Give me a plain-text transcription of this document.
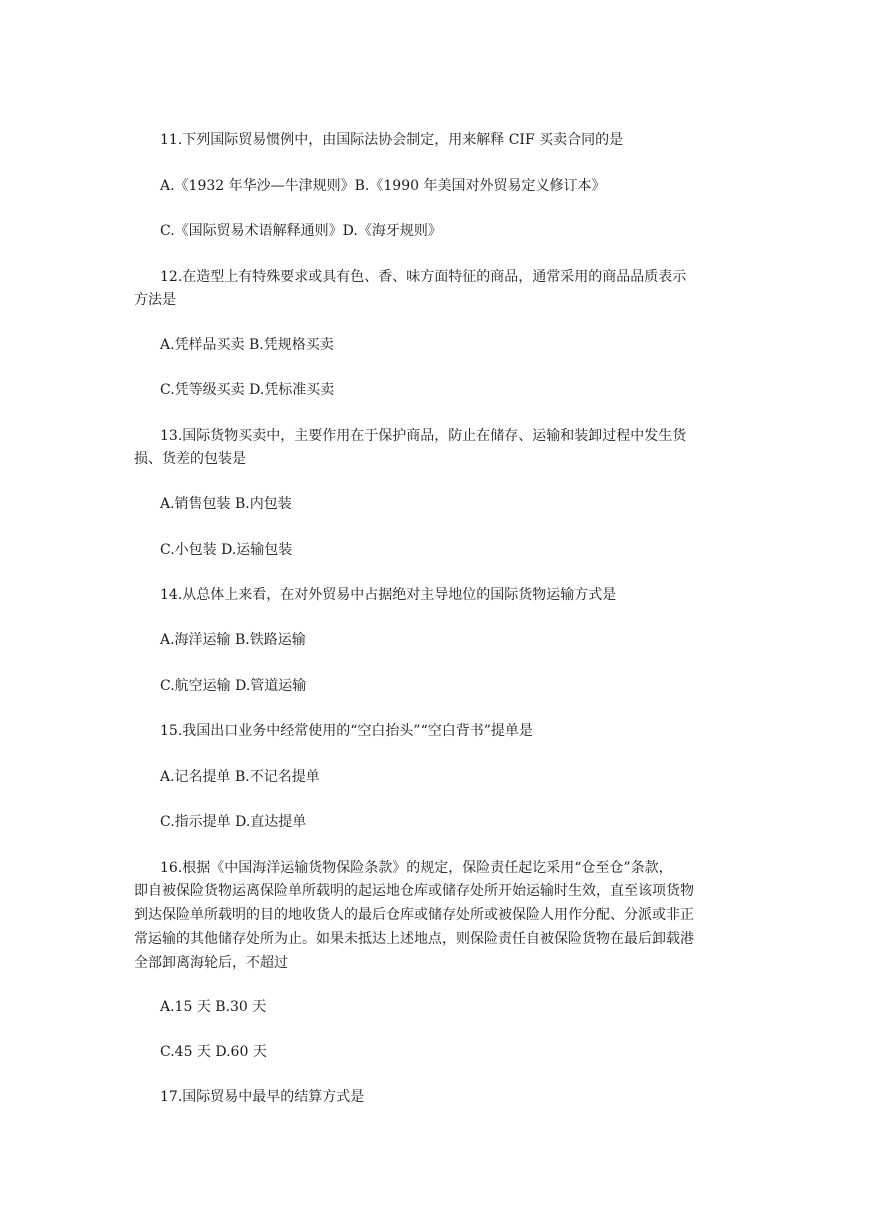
11.下列国际贸易惯例中，由国际法协会制定，用来解释 CIF 买卖合同的是
A.《1932 年华沙—牛津规则》B.《1990 年美国对外贸易定义修订本》
C.《国际贸易术语解释通则》D.《海牙规则》
12.在造型上有特殊要求或具有色、香、味方面特征的商品，通常采用的商品品质表示
方法是
A.凭样品买卖 B.凭规格买卖
C.凭等级买卖 D.凭标准买卖
13.国际货物买卖中，主要作用在于保护商品，防止在储存、运输和装卸过程中发生货
损、货差的包装是
A.销售包装 B.内包装
C.小包装 D.运输包装
14.从总体上来看，在对外贸易中占据绝对主导地位的国际货物运输方式是
A.海洋运输 B.铁路运输
C.航空运输 D.管道运输
15.我国出口业务中经常使用的“空白抬头”“空白背书”提单是
A.记名提单 B.不记名提单
C.指示提单 D.直达提单
16.根据《中国海洋运输货物保险条款》的规定，保险责任起讫采用“仓至仓”条款，
即自被保险货物运离保险单所载明的起运地仓库或储存处所开始运输时生效，直至该项货物
到达保险单所载明的目的地收货人的最后仓库或储存处所或被保险人用作分配、分派或非正
常运输的其他储存处所为止。如果未抵达上述地点，则保险责任自被保险货物在最后卸载港
全部卸离海轮后，不超过
A.15 天 B.30 天
C.45 天 D.60 天
17.国际贸易中最早的结算方式是
